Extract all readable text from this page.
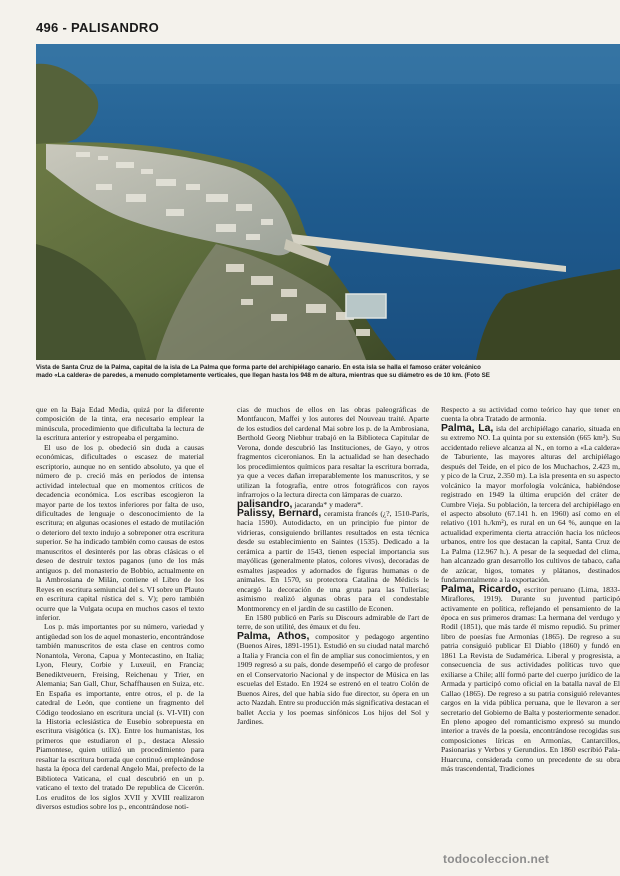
496 - PALISANDRO
Vista de Santa Cruz de la Palma, capital de la isla de La Palma que forma parte del archipiélago canario. En esta isla se halla el famoso cráter volcánico
mado «La caldera» de paredes, a menudo completamente verticales, que llegan hasta los 948 m de altura, mientras que su diámetro es de 10 km. (Foto SE

que en la Baja Edad Media, quizá por la diferente composición de la tinta, era necesario emplear la minúscula, procedimiento que dificultaba la lectura de la escritura anterior y estropeaba el pergamino.

El uso de los p. obedeció sin duda a causas económicas, dificultades o escasez de material escriptorio, aunque no en sentido absoluto, ya que el número de p. creció más en períodos de intensa actividad intelectual que en momentos críticos de decadencia económica. Los escribas escogieron la mayor parte de los textos inferiores por falta de uso, dificultades de lenguaje o desconocimiento de la escritura; en algunas ocasiones el estado de mutilación o deterioro del texto indujo a sobreponer otra escritura superior. Se ha indicado también como causas de estos manuscritos el desinterés por las obras clásicas o el deseo de destruir textos paganos (uno de los más antiguos p. del monasterio de Bobbio, actualmente en la Ambrosiana de Milán, contiene el Libro de los Reyes en escritura semiuncial del s. VI sobre un Plauto en escritura capital rústica del s. V); pero también ocurre que la Vulgata ocupa en muchos casos el texto inferior.

Los p. más importantes por su número, variedad y antigüedad son los de aquel monasterio, encontrándose también manuscritos de esta clase en centros como Nonantola, Verona, Capua y Montecastino, en Italia; Lyon, Fleury, Corbie y Luxeuil, en Francia; Benediktveuern, Freising, Reichenau y Trier, en Alemania; San Gall, Chur, Schaffhausen en Suiza, etc. En España es importante, entre otros, el p. de la catedral de León, que contiene un fragmento del Código teodosiano en escritura uncial (s. VI-VII) con la Historia eclesiástica de Eusebio sobrepuesta en escritura visigótica (s. IX). Entre los humanistas, los primeros que estudiaron el p., destaca Alessio Piamontese, quien utilizó un procedimiento para resaltar la escritura borrada que continuó empleándose hasta la época del cardenal Angelo Mai, prefecto de la Biblioteca Vaticana, el cual descubrió en un p. vaticano el texto del tratado De republica de Cicerón. Los eruditos de los siglos XVII y XVIII realizaron diversos estudios sobre los p., encontrándose noti-

cias de muchos de ellos en las obras paleográficas de Montfaucon, Maffei y los autores del Nouveau traité. Aparte de los estudios del cardenal Mai sobre los p. de la Ambrosiana, Berthold Georg Niebhur trabajó en la Biblioteca Capitular de Verona, donde descubrió las Instituciones, de Gayo, y otros fragmentos ciceronianos. En la actualidad se han desechado los procedimientos químicos para resaltar la escritura borrada, ya que a veces dañan irreparablemente los manuscritos, y se utilizan la fotografía, entre otros fotográficos con rayos infrarrojos o la lectura directa con lámparas de cuarzo.

palisandro, jacaranda* y madera*.

Palissy, Bernard, ceramista francés (¿?, 1510-París, hacia 1590). Autodidacto, en un principio fue pintor de vidrieras, consiguiendo brillantes resultados en esta técnica desde su establecimiento en Saintes (1535). Dedicado a la cerámica a partir de 1543, tienen especial importancia sus mayólicas (generalmente platos, colores vivos), decoradas de esmaltes jaspeados y adornados de figuras humanas o de animales. En 1570, su protectora Catalina de Médicis le encargó la decoración de una gruta para las Tullerías; asimismo realizó algunas obras para el condestable Montmorency en el jardín de su castillo de Econen.

En 1580 publicó en París su Discours admirable de l'art de terre, de son utilité, des émaux et du feu.

Palma, Athos, compositor y pedagogo argentino (Buenos Aires, 1891-1951). Estudió en su ciudad natal marchó a Italia y Francia con el fin de ampliar sus conocimientos, y en 1909 regresó a su país, donde desempeñó el cargo de profesor en el Conservatorio Nacional y de inspector de Música en las escuelas del Estado. En 1924 se estrenó en el teatro Colón de Buenos Aires, del que había sido fue director, su ópera en un acto Nazdah. Entre su producción más significativa destacan el ballet Accia y los poemas sinfónicos Los hijos del Sol y Jardines.

Respecto a su actividad como teórico hay que tener en cuenta la obra Tratado de armonía.

Palma, La, isla del archipiélago canario, situada en su extremo NO. La quinta por su extensión (665 km²). Su accidentado relieve alcanza al N., en torno a «La caldera» de Taburiente, las mayores alturas del archipiélago después del Teide, en el pico de los Muchachos, 2.423 m, y pico de la Cruz, 2.350 m). La isla presenta en su aspecto volcánico la mayor morfología volcánica, habiéndose registrado en 1949 la última erupción del cráter de Cumbre Vieja. Su población, la tercera del archipiélago en el aspecto absoluto (67.141 h. en 1960) así como en el relativo (101 h./km²), es rural en un 64 %, aunque en la actualidad experimenta cierta atracción hacia los núcleos urbanos, entre los que destacan la capital, Santa Cruz de La Palma (12.967 h.). A pesar de la sequedad del clima, han alcanzado gran desarrollo los cultivos de tabaco, caña de azúcar, higos, tomates y plátanos, destinados fundamentalmente a la exportación.

Palma, Ricardo, escritor peruano (Lima, 1833-Miraflores, 1919). Durante su juventud participó activamente en política, reflejando el pensamiento de la época en sus primeros dramas: La hermana del verdugo y Rodil (1851), que más tarde él mismo repudió. Su primer libro de poesías fue Armonías (1865). De regreso a su patria consiguió publicar El Diablo (1860) y fundó en 1861 La Revista de Sudamérica. Liberal y progresista, a consecuencia de sus actividades políticas tuvo que exiliarse a Chile; allí formó parte del cuerpo jurídico de la Armada y participó como oficial en la batalla naval de El Callao (1865). De regreso a su patria consiguió relevantes cargos en la vida pública peruana, que le llevaron a ser secretario del Gobierno de Balta y posteriormente senador. En pleno apogeo del romanticismo expresó su mundo interior a través de la poesía, encontrándose recogidas sus composiciones líricas en Armonías, Cantarcillos, Pasionarias y Verbos y Gerundios. En 1860 escribió Pala-Huarcuna, considerada como un precedente de su obra más trascendental, Tradiciones

todocoleccion.net
